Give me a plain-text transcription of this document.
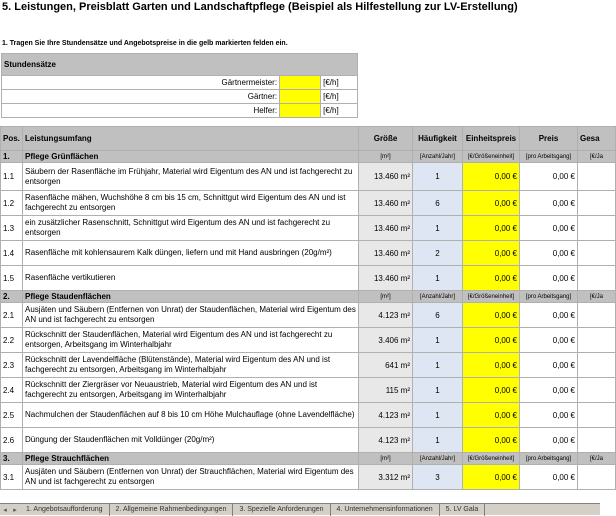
5. Leistungen, Preisblatt Garten und Landschaftpflege (Beispiel als Hilfestellung zur LV-Erstellung)
1. Tragen Sie Ihre Stundensätze und Angebotspreise in die gelb markierten felden ein.
Stundensätze		
Gärtnermeister:		[€/h]
Gärtner:		[€/h]
Helfer:		[€/h]
Pos.	Leistungsumfang	Größe	Häufigkeit	Einheitspreis	Preis	Gesa
1.	Pflege Grünflächen	[m²]	[Anzahl/Jahr]	[€/Größeneinheit]	[pro Arbeitsgang]	[€/Ja
1.1	Säubern der Rasenfläche im Frühjahr, Material wird Eigentum des AN und ist fachgerecht zu entsorgen	13.460 m²	1	0,00 €	0,00 €	
1.2	Rasenfläche mähen, Wuchshöhe 8 cm bis 15 cm, Schnittgut wird Eigentum des AN und ist fachgerecht zu entsorgen	13.460 m²	6	0,00 €	0,00 €	
1.3	ein zusätzlicher Rasenschnitt, Schnittgut wird Eigentum des AN und ist fachgerecht zu entsorgen	13.460 m²	1	0,00 €	0,00 €	
1.4	Rasenfläche mit kohlensaurem Kalk düngen, liefern und mit Hand ausbringen (20g/m²)	13.460 m²	2	0,00 €	0,00 €	
1.5	Rasenfläche vertikutieren	13.460 m²	1	0,00 €	0,00 €	
2.	Pflege Staudenflächen	[m²]	[Anzahl/Jahr]	[€/Größeneinheit]	[pro Arbeitsgang]	[€/Ja
2.1	Ausjäten und Säubern (Entfernen von Unrat) der Staudenflächen, Material wird Eigentum des AN und ist fachgerecht zu entsorgen	4.123 m²	6	0,00 €	0,00 €	
2.2	Rückschnitt der Staudenflächen, Material wird Eigentum des AN und ist fachgerecht zu entsorgen, Arbeitsgang im Winterhalbjahr	3.406 m²	1	0,00 €	0,00 €	
2.3	Rückschnitt der Lavendelfläche (Blütenstände), Material wird Eigentum des AN und ist fachgerecht zu entsorgen, Arbeitsgang im Winterhalbjahr	641 m²	1	0,00 €	0,00 €	
2.4	Rückschnitt der Ziergräser vor Neuaustrieb, Material wird Eigentum des AN und ist fachgerecht zu entsorgen, Arbeitsgang im Winterhalbjahr	115 m²	1	0,00 €	0,00 €	
2.5	Nachmulchen der Staudenflächen auf 8 bis 10 cm Höhe Mulchauflage (ohne Lavendelfläche)	4.123 m²	1	0,00 €	0,00 €	
2.6	Düngung der Staudenflächen mit Volldünger (20g/m²)	4.123 m²	1	0,00 €	0,00 €	
3.	Pflege Strauchflächen	[m²]	[Anzahl/Jahr]	[€/Größeneinheit]	[pro Arbeitsgang]	[€/Ja
3.1	Ausjäten und Säubern (Entfernen von Unrat) der Strauchflächen, Material wird Eigentum des AN und ist fachgerecht zu entsorgen	3.312 m²	3	0,00 €	0,00 €	
◂ ▸	1. Angebotsaufforderung	2. Allgemeine Rahmenbedingungen	3. Spezielle Anforderungen	4. Unternehmensinformationen	5. LV Gala
